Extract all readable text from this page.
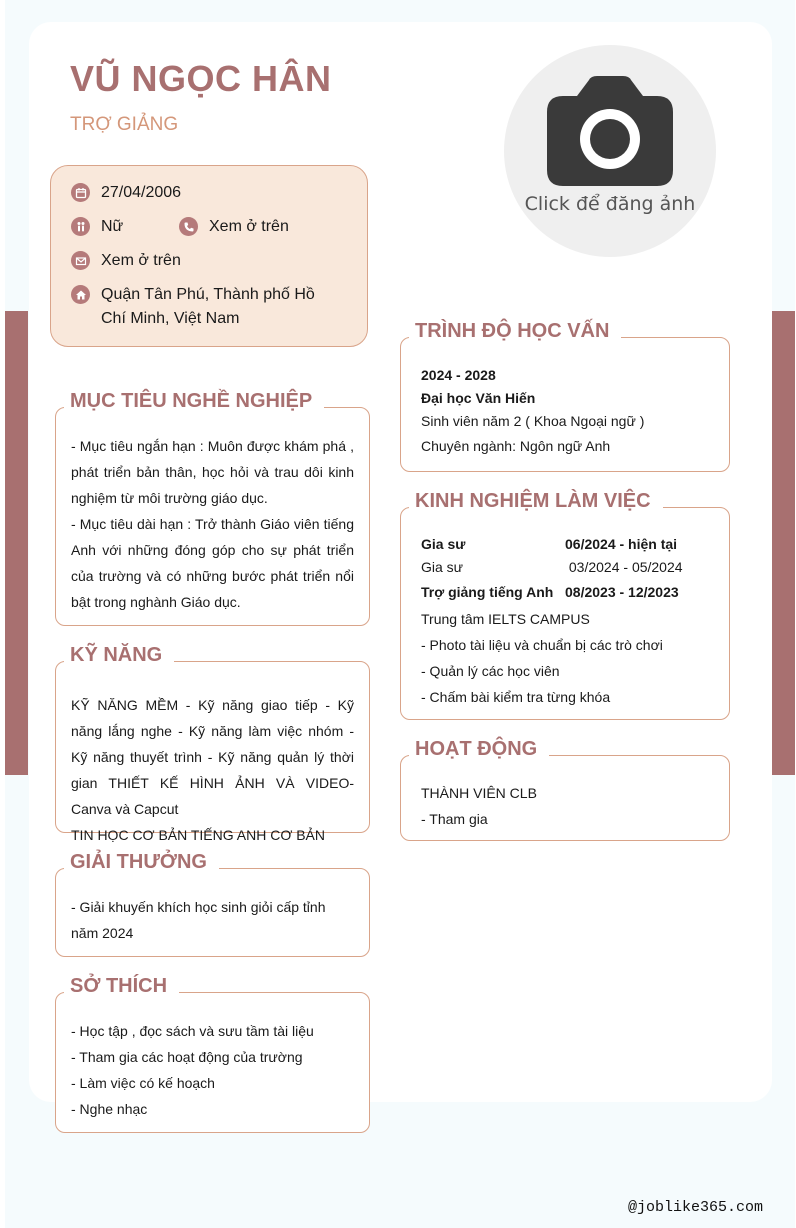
VŨ NGỌC HÂN
TRỢ GIẢNG
Click để đăng ảnh
27/04/2006
Nữ	Xem ở trên
Xem ở trên
Quận Tân Phú, Thành phố Hồ Chí Minh, Việt Nam
MỤC TIÊU NGHỀ NGHIỆP
- Mục tiêu ngắn hạn : Muôn được khám phá , phát triển bản thân, học hỏi và trau dôi kinh nghiệm từ môi trường giáo dục.
- Mục tiêu dài hạn : Trở thành Giáo viên tiếng Anh với những đóng góp cho sự phát triển của trường và có những bước phát triển nổi bật trong nghành Giáo dục.
KỸ NĂNG
KỸ NĂNG MỀM - Kỹ năng giao tiếp - Kỹ năng lắng nghe - Kỹ năng làm việc nhóm - Kỹ năng thuyết trình - Kỹ năng quản lý thời gian THIẾT KẾ HÌNH ẢNH VÀ VIDEO- Canva và Capcut
TIN HỌC CƠ BẢN TIẾNG ANH CƠ BẢN
GIẢI THƯỞNG
- Giải khuyến khích học sinh giỏi cấp tỉnh năm 2024
SỞ THÍCH
- Học tập , đọc sách và sưu tầm tài liệu
- Tham gia các hoạt động của trường
- Làm việc có kế hoạch
- Nghe nhạc
TRÌNH ĐỘ HỌC VẤN
2024 - 2028
Đại học Văn Hiến
Sinh viên năm 2 ( Khoa Ngoại ngữ )
Chuyên ngành: Ngôn ngữ Anh
KINH NGHIỆM LÀM VIỆC
Gia sư	06/2024 - hiện tại
Gia sư	03/2024 - 05/2024
Trợ giảng tiếng Anh 08/2023 - 12/2023
Trung tâm IELTS CAMPUS
- Photo tài liệu và chuẩn bị các trò chơi
- Quản lý các học viên
- Chấm bài kiểm tra từng khóa
HOẠT ĐỘNG
THÀNH VIÊN CLB
- Tham gia
@joblike365.com
